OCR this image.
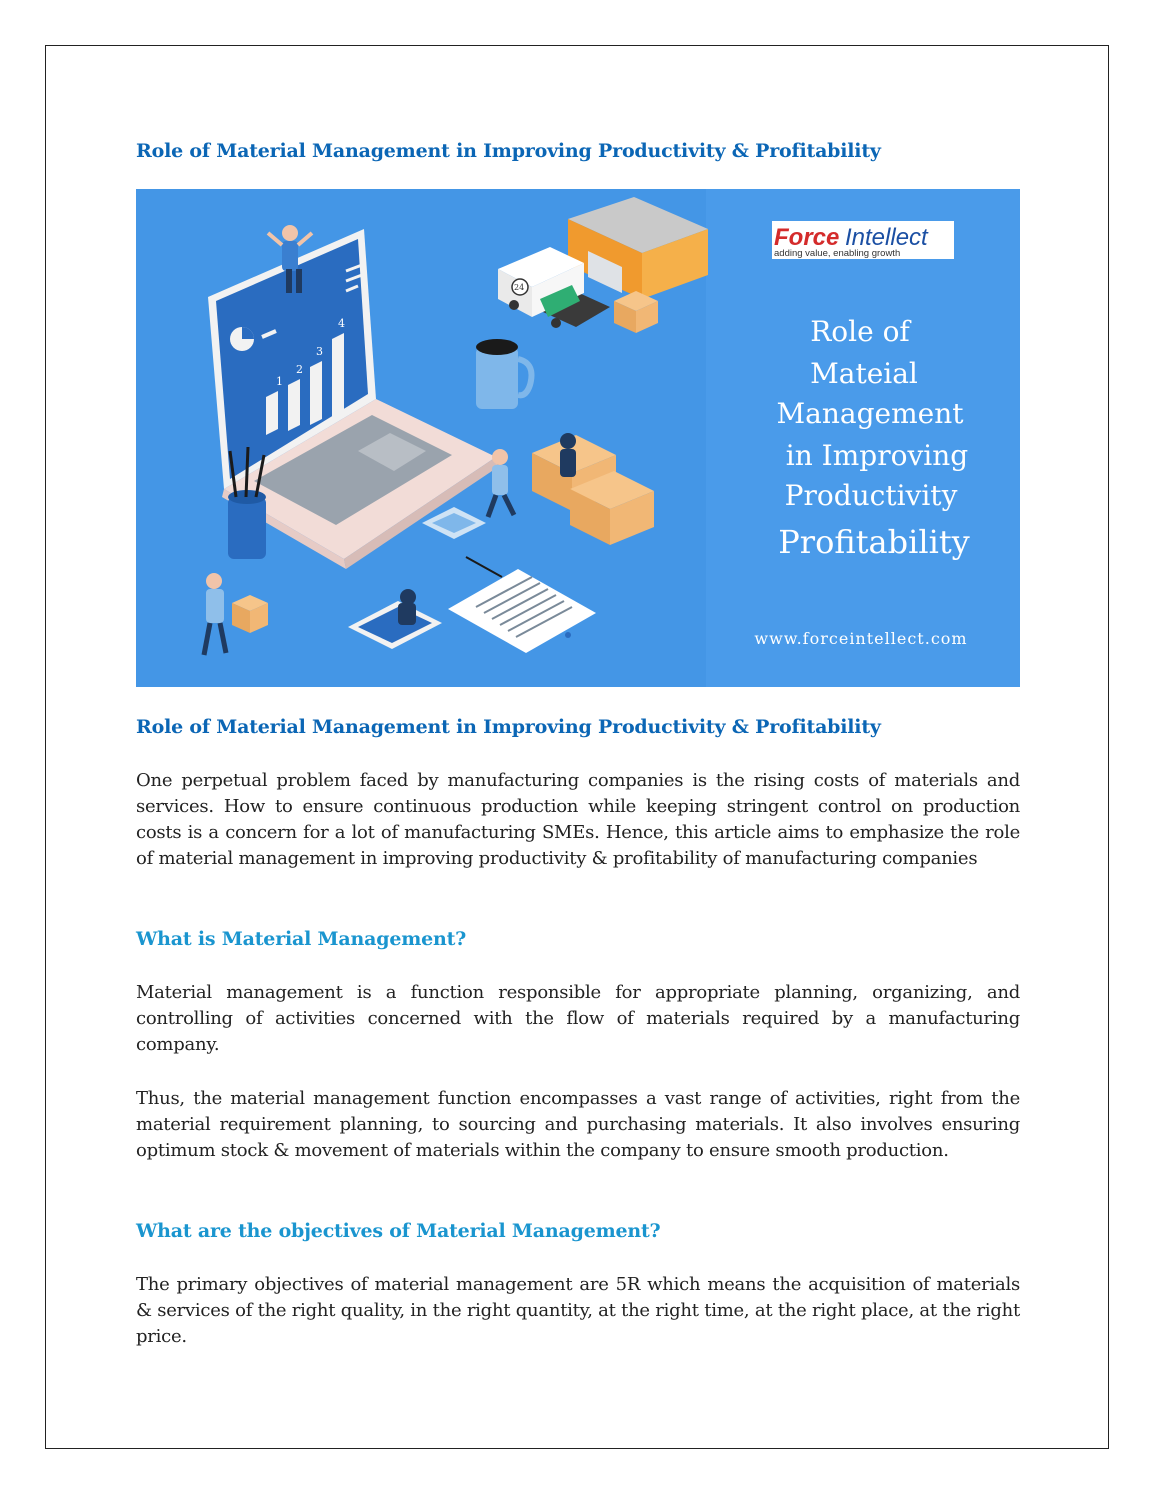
Role of Material Management in Improving Productivity & Profitability
1
2
3
4
24
Force Intellect
adding value, enabling growth
Role of
Mateial
Management
in Improving
Productivity
Profitability
www.forceintellect.com
Role of Material Management in Improving Productivity & Profitability

One perpetual problem faced by manufacturing companies is the rising costs of materials and services. How to ensure continuous production while keeping stringent control on production costs is a concern for a lot of manufacturing SMEs. Hence, this article aims to emphasize the role of material management in improving productivity & profitability of manufacturing companies

What is Material Management?

Material management is a function responsible for appropriate planning, organizing, and controlling of activities concerned with the flow of materials required by a manufacturing company.

Thus, the material management function encompasses a vast range of activities, right from the material requirement planning, to sourcing and purchasing materials. It also involves ensuring optimum stock & movement of materials within the company to ensure smooth production.

What are the objectives of Material Management?

The primary objectives of material management are 5R which means the acquisition of materials & services of the right quality, in the right quantity, at the right time, at the right place, at the right price.
